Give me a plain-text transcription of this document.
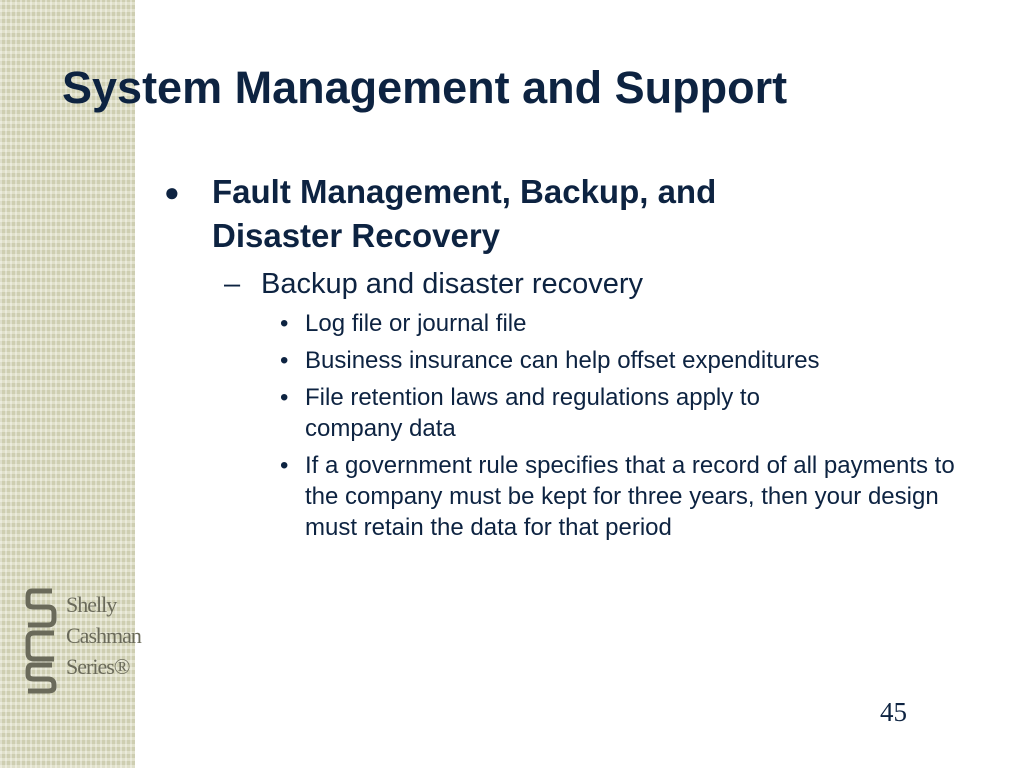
System Management and Support
● Fault Management, Backup, and
Disaster Recovery
– Backup and disaster recovery
• Log file or journal file
• Business insurance can help offset expenditures
• File retention laws and regulations apply to company data
• If a government rule specifies that a record of all payments to the company must be kept for three years, then your design must retain the data for that period
Shelly
Cashman
Series®
45
